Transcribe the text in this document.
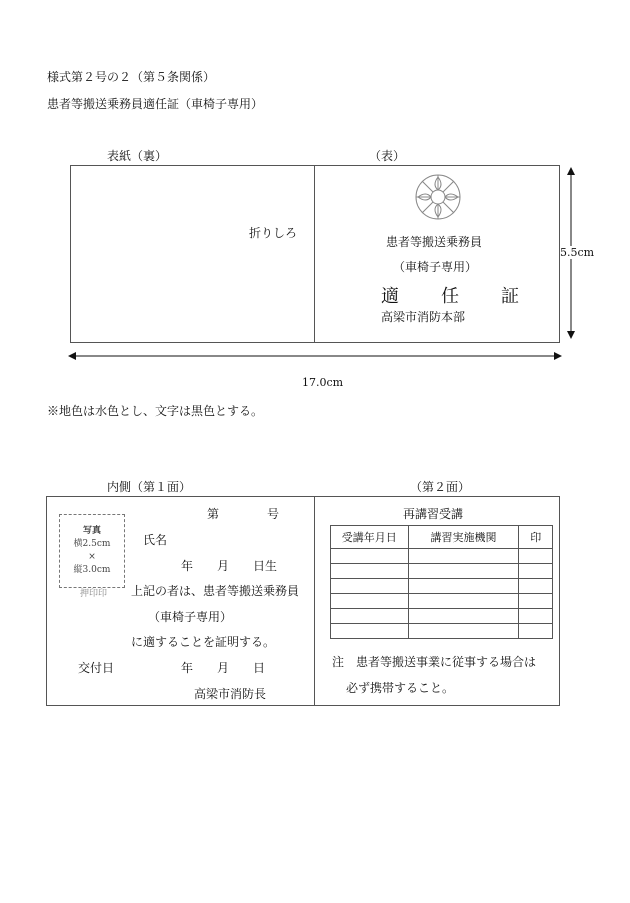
様式第２号の２（第５条関係）
患者等搬送乗務員適任証（車椅子専用）
表紙（裏）	（表）
折りしろ
患者等搬送乗務員
（車椅子専用）
適　　任　　証
高梁市消防本部
5.5cm
17.0cm
※地色は水色とし、文字は黒色とする。
内側（第１面）	（第２面）
第　　　　号
写真
横2.5cm
×
縦3.0cm
押印印
氏名
年　　月　　日生
上記の者は、患者等搬送乗務員
（車椅子専用）
に適することを証明する。
交付日	年　　月　　日
高梁市消防長
再講習受講
受講年月日	講習実施機関	印

注　患者等搬送事業に従事する場合は
必ず携帯すること。
